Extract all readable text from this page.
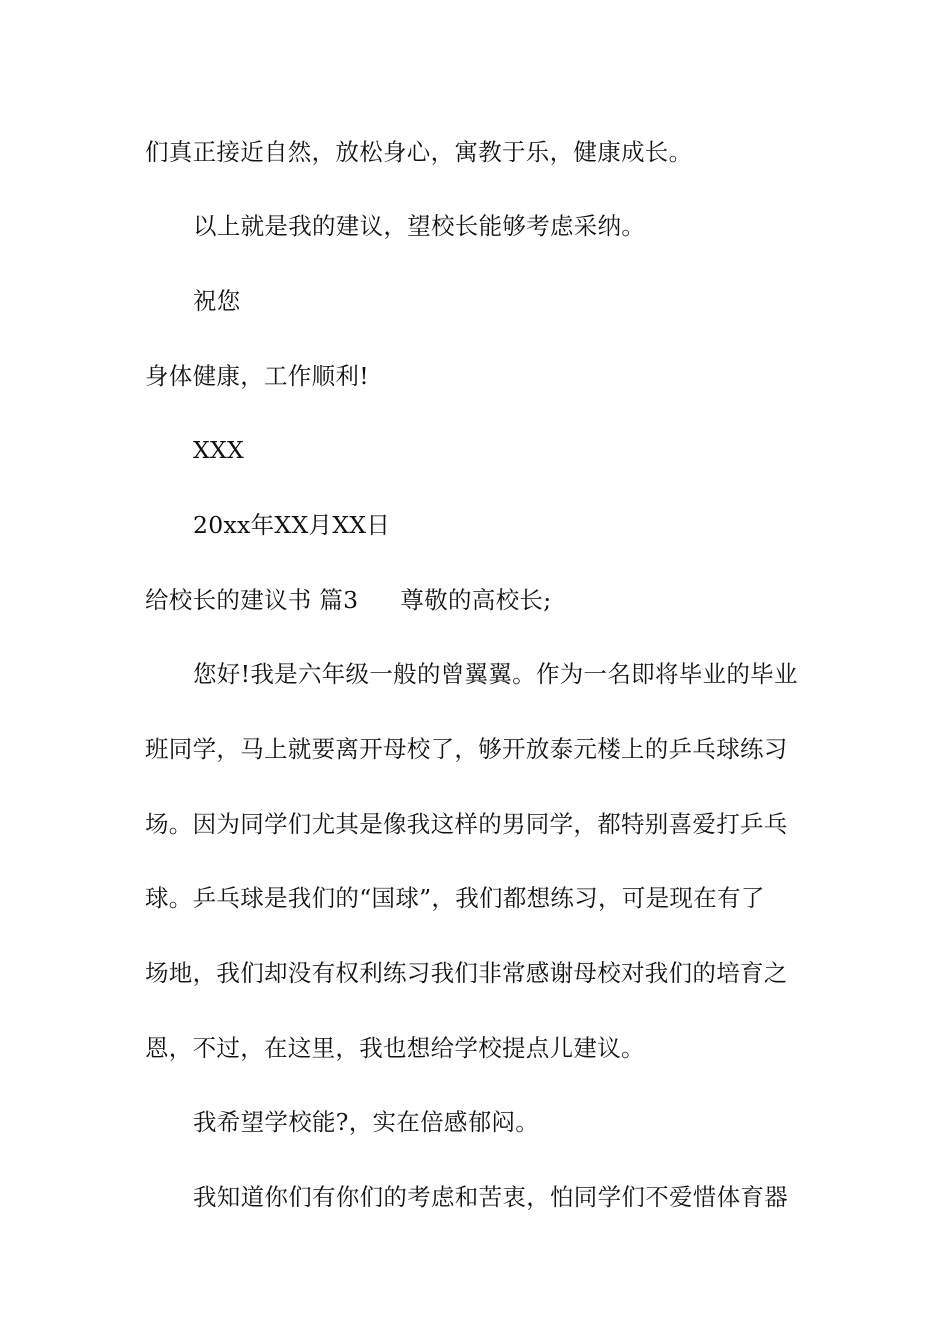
们真正接近自然，放松身心，寓教于乐，健康成长。
以上就是我的建议，望校长能够考虑采纳。
祝您
身体健康，工作顺利!
XXX
20xx年XX月XX日
给校长的建议书 篇3 尊敬的高校长;
您好!我是六年级一般的曾翼翼。作为一名即将毕业的毕业
班同学，马上就要离开母校了，够开放泰元楼上的乒乓球练习
场。因为同学们尤其是像我这样的男同学，都特别喜爱打乒乓
球。乒乓球是我们的“国球”，我们都想练习，可是现在有了
场地，我们却没有权利练习我们非常感谢母校对我们的培育之
恩，不过，在这里，我也想给学校提点儿建议。
我希望学校能?，实在倍感郁闷。
我知道你们有你们的考虑和苦衷，怕同学们不爱惜体育器
